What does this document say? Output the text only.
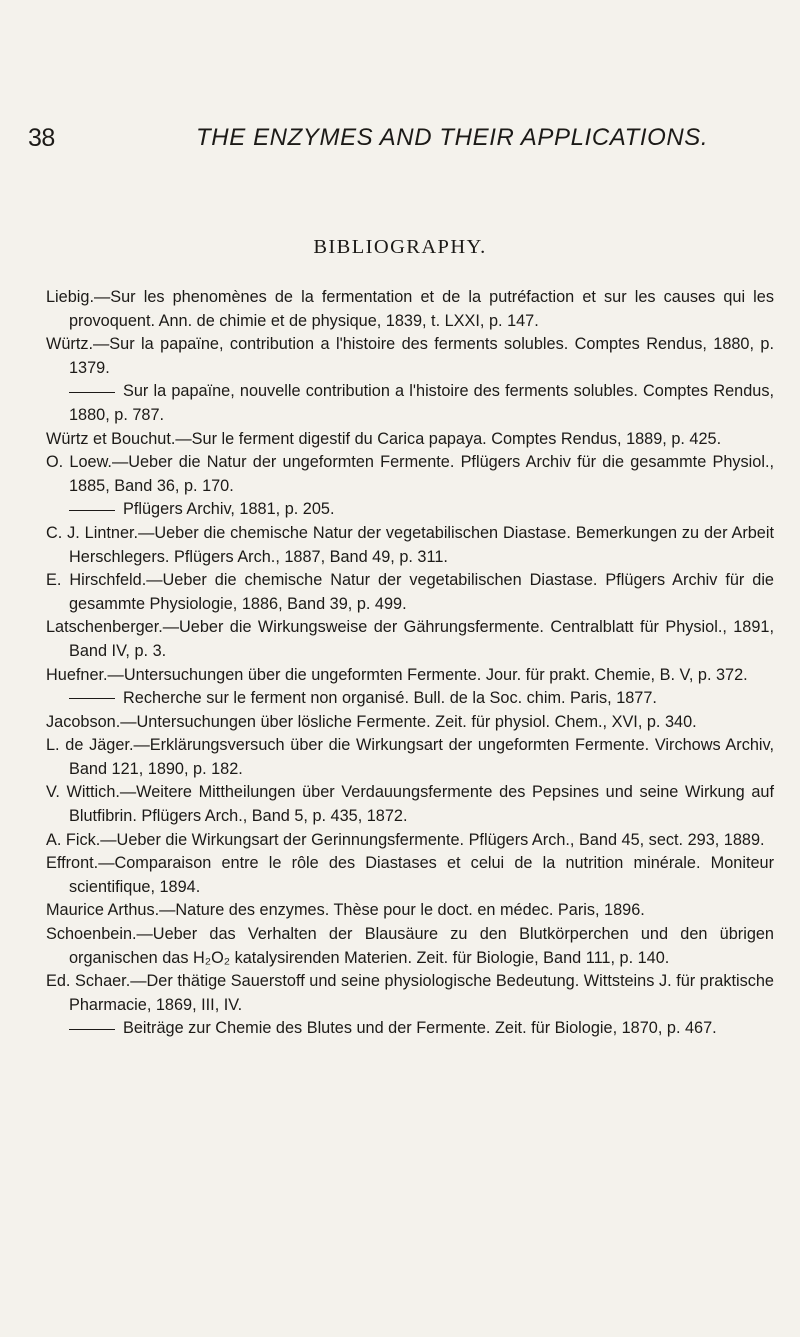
38	THE ENZYMES AND THEIR APPLICATIONS.
BIBLIOGRAPHY.
Liebig.—Sur les phenomènes de la fermentation et de la putréfaction et sur les causes qui les provoquent. Ann. de chimie et de physique, 1839, t. LXXI, p. 147.
Würtz.—Sur la papaïne, contribution a l'histoire des ferments solubles. Comptes Rendus, 1880, p. 1379.
Sur la papaïne, nouvelle contribution a l'histoire des ferments solubles. Comptes Rendus, 1880, p. 787.
Würtz et Bouchut.—Sur le ferment digestif du Carica papaya. Comptes Rendus, 1889, p. 425.
O. Loew.—Ueber die Natur der ungeformten Fermente. Pflügers Archiv für die gesammte Physiol., 1885, Band 36, p. 170.
Pflügers Archiv, 1881, p. 205.
C. J. Lintner.—Ueber die chemische Natur der vegetabilischen Diastase. Bemerkungen zu der Arbeit Herschlegers. Pflügers Arch., 1887, Band 49, p. 311.
E. Hirschfeld.—Ueber die chemische Natur der vegetabilischen Diastase. Pflügers Archiv für die gesammte Physiologie, 1886, Band 39, p. 499.
Latschenberger.—Ueber die Wirkungsweise der Gährungsfermente. Centralblatt für Physiol., 1891, Band IV, p. 3.
Huefner.—Untersuchungen über die ungeformten Fermente. Jour. für prakt. Chemie, B. V, p. 372.
Recherche sur le ferment non organisé. Bull. de la Soc. chim. Paris, 1877.
Jacobson.—Untersuchungen über lösliche Fermente. Zeit. für physiol. Chem., XVI, p. 340.
L. de Jäger.—Erklärungsversuch über die Wirkungsart der ungeformten Fermente. Virchows Archiv, Band 121, 1890, p. 182.
V. Wittich.—Weitere Mittheilungen über Verdauungsfermente des Pepsines und seine Wirkung auf Blutfibrin. Pflügers Arch., Band 5, p. 435, 1872.
A. Fick.—Ueber die Wirkungsart der Gerinnungsfermente. Pflügers Arch., Band 45, sect. 293, 1889.
Effront.—Comparaison entre le rôle des Diastases et celui de la nutrition minérale. Moniteur scientifique, 1894.
Maurice Arthus.—Nature des enzymes. Thèse pour le doct. en médec. Paris, 1896.
Schoenbein.—Ueber das Verhalten der Blausäure zu den Blutkörperchen und den übrigen organischen das H₂O₂ katalysirenden Materien. Zeit. für Biologie, Band 111, p. 140.
Ed. Schaer.—Der thätige Sauerstoff und seine physiologische Bedeutung. Wittsteins J. für praktische Pharmacie, 1869, III, IV.
Beiträge zur Chemie des Blutes und der Fermente. Zeit. für Biologie, 1870, p. 467.
